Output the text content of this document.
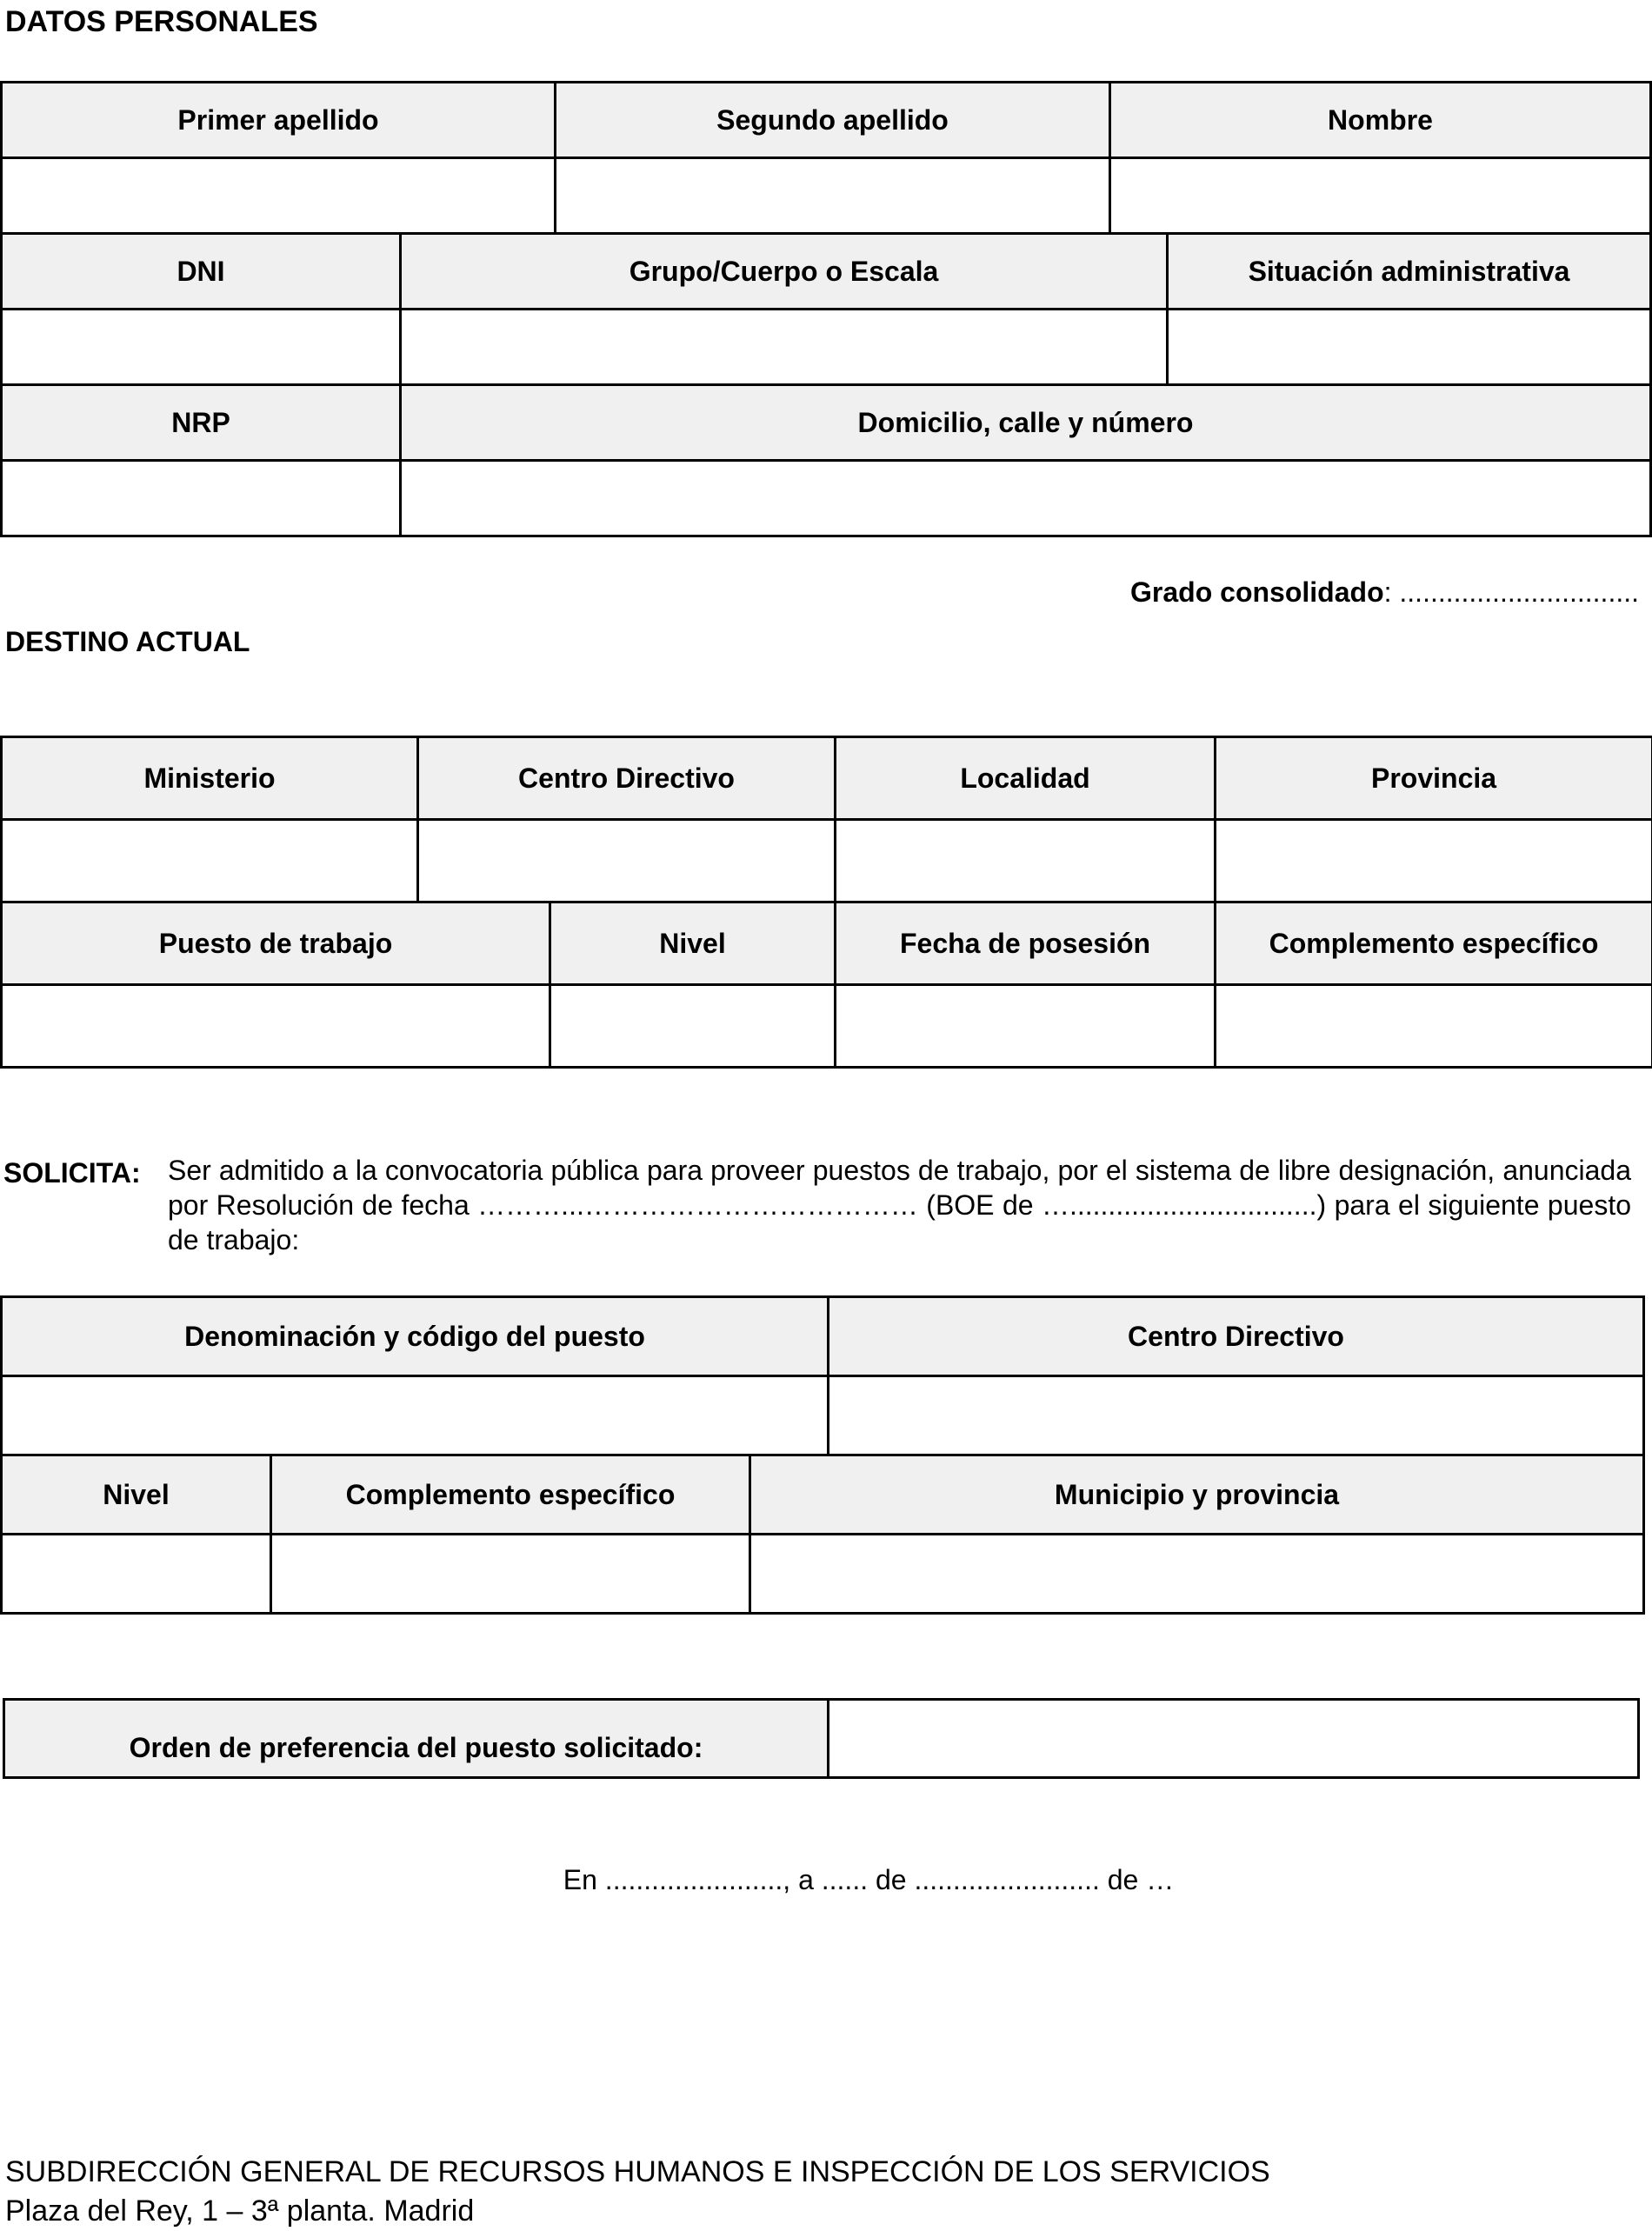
DATOS PERSONALES
Primer apellido		Segundo apellido	Nombre	

DNI	Grupo/Cuerpo o Escala			Situación administrativa

NRP	Domicilio, calle y número			

Grado consolidado: ...............................
DESTINO ACTUAL
Ministerio	Centro Directivo		Localidad	Provincia

Puesto de trabajo		Nivel	Fecha de posesión	Complemento específico

SOLICITA: Ser admitido a la convocatoria pública para proveer puestos de trabajo, por el sistema de libre designación, anunciada por Resolución de fecha ………...……………………………… (BOE de …................................) para el siguiente puesto de trabajo:
Denominación y código del puesto			Centro Directivo

Nivel	Complemento específico	Municipio y provincia	

Orden de preferencia del puesto solicitado:	
En ......................., a ...... de ........................ de …
SUBDIRECCIÓN GENERAL DE RECURSOS HUMANOS E INSPECCIÓN DE LOS SERVICIOS
Plaza del Rey, 1 – 3ª planta. Madrid
